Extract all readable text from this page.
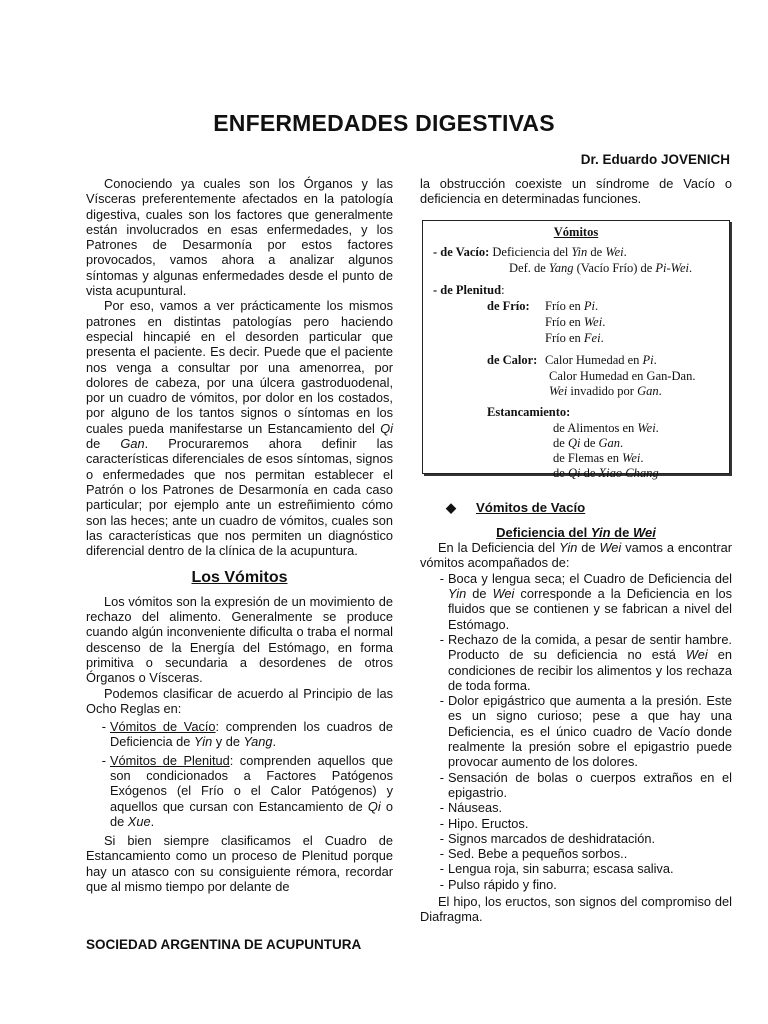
ENFERMEDADES DIGESTIVAS
Dr. Eduardo JOVENICH

Conociendo ya cuales son los Órganos y las Vísceras preferentemente afectados en la patología digestiva, cuales son los factores que generalmente están involucrados en esas enfermedades, y los Patrones de Desarmonía por estos factores provocados, vamos ahora a analizar algunos síntomas y algunas enfermedades desde el punto de vista acupuntural.

Por eso, vamos a ver prácticamente los mismos patrones en distintas patologías pero haciendo especial hincapié en el desorden particular que presenta el paciente. Es decir. Puede que el paciente nos venga a consultar por una amenorrea, por dolores de cabeza, por una úlcera gastroduodenal, por un cuadro de vómitos, por dolor en los costados, por alguno de los tantos signos o síntomas en los cuales pueda manifestarse un Estancamiento del Qi de Gan. Procuraremos ahora definir las características diferenciales de esos síntomas, signos o enfermedades que nos permitan establecer el Patrón o los Patrones de Desarmonía en cada caso particular; por ejemplo ante un estreñimiento cómo son las heces; ante un cuadro de vómitos, cuales son las características que nos permiten un diagnóstico diferencial dentro de la clínica de la acupuntura.

Los Vómitos

Los vómitos son la expresión de un movimiento de rechazo del alimento. Generalmente se produce cuando algún inconveniente dificulta o traba el normal descenso de la Energía del Estómago, en forma primitiva o secundaria a desordenes de otros Órganos o Vísceras.

Podemos clasificar de acuerdo al Principio de las Ocho Reglas en:

- Vómitos de Vacío: comprenden los cuadros de Deficiencia de Yin y de Yang.
- Vómitos de Plenitud: comprenden aquellos que son condicionados a Factores Patógenos Exógenos (el Frío o el Calor Patógenos) y aquellos que cursan con Estancamiento de Qi o de Xue.

Si bien siempre clasificamos el Cuadro de Estancamiento como un proceso de Plenitud porque hay un atasco con su consiguiente rémora, recordar que al mismo tiempo por delante de

la obstrucción coexiste un síndrome de Vacío o deficiencia en determinadas funciones.

Vómitos
- de Vacío: Deficiencia del Yin de Wei.
Def. de Yang (Vacío Frío) de Pi-Wei.
- de Plenitud:
de Frío: Frío en Pi.
Frío en Wei.
Frío en Fei.
de Calor: Calor Humedad en Pi.
Calor Humedad en Gan-Dan.
Wei invadido por Gan.
Estancamiento:
de Alimentos en Wei.
de Qi de Gan.
de Flemas en Wei.
de Qi de Xiao Chang
◆ Vómitos de Vacío
Deficiencia del Yin de Wei

En la Deficiencia del Yin de Wei vamos a encontrar vómitos acompañados de:

- Boca y lengua seca; el Cuadro de Deficiencia del Yin de Wei corresponde a la Deficiencia en los fluidos que se contienen y se fabrican a nivel del Estómago.
- Rechazo de la comida, a pesar de sentir hambre. Producto de su deficiencia no está Wei en condiciones de recibir los alimentos y los rechaza de toda forma.
- Dolor epigástrico que aumenta a la presión. Este es un signo curioso; pese a que hay una Deficiencia, es el único cuadro de Vacío donde realmente la presión sobre el epigastrio puede provocar aumento de los dolores.
- Sensación de bolas o cuerpos extraños en el epigastrio.
- Náuseas.
- Hipo. Eructos.
- Signos marcados de deshidratación.
- Sed. Bebe a pequeños sorbos..
- Lengua roja, sin saburra; escasa saliva.
- Pulso rápido y fino.

El hipo, los eructos, son signos del compromiso del Diafragma.

SOCIEDAD ARGENTINA DE ACUPUNTURA
